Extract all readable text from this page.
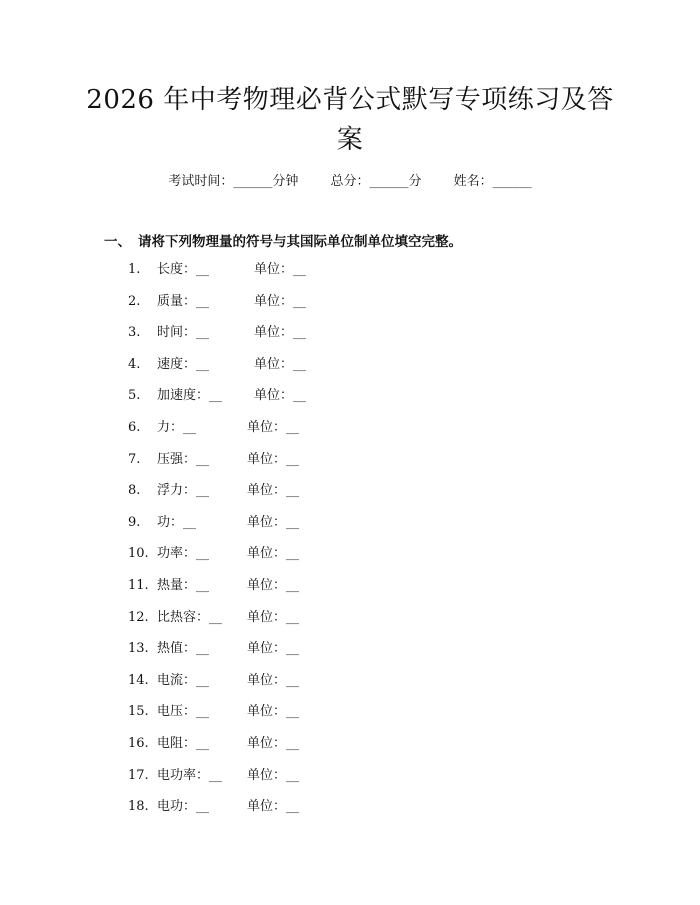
2026 年中考物理必背公式默写专项练习及答
案
考试时间：______分钟 总分：______分 姓名：______
一、 请将下列物理量的符号与其国际单位制单位填空完整。
1. 长度：__	单位：__
2. 质量：__	单位：__
3. 时间：__	单位：__
4. 速度：__	单位：__
5. 加速度：__ 单位：__
6. 力：__	单位：__
7. 压强：__	单位：__
8. 浮力：__	单位：__
9. 功：__	单位：__
10. 功率：__	单位：__
11. 热量：__	单位：__
12. 比热容：__ 单位：__
13. 热值：__	单位：__
14. 电流：__	单位：__
15. 电压：__	单位：__
16. 电阻：__	单位：__
17. 电功率：__ 单位：__
18. 电功：__	单位：__
